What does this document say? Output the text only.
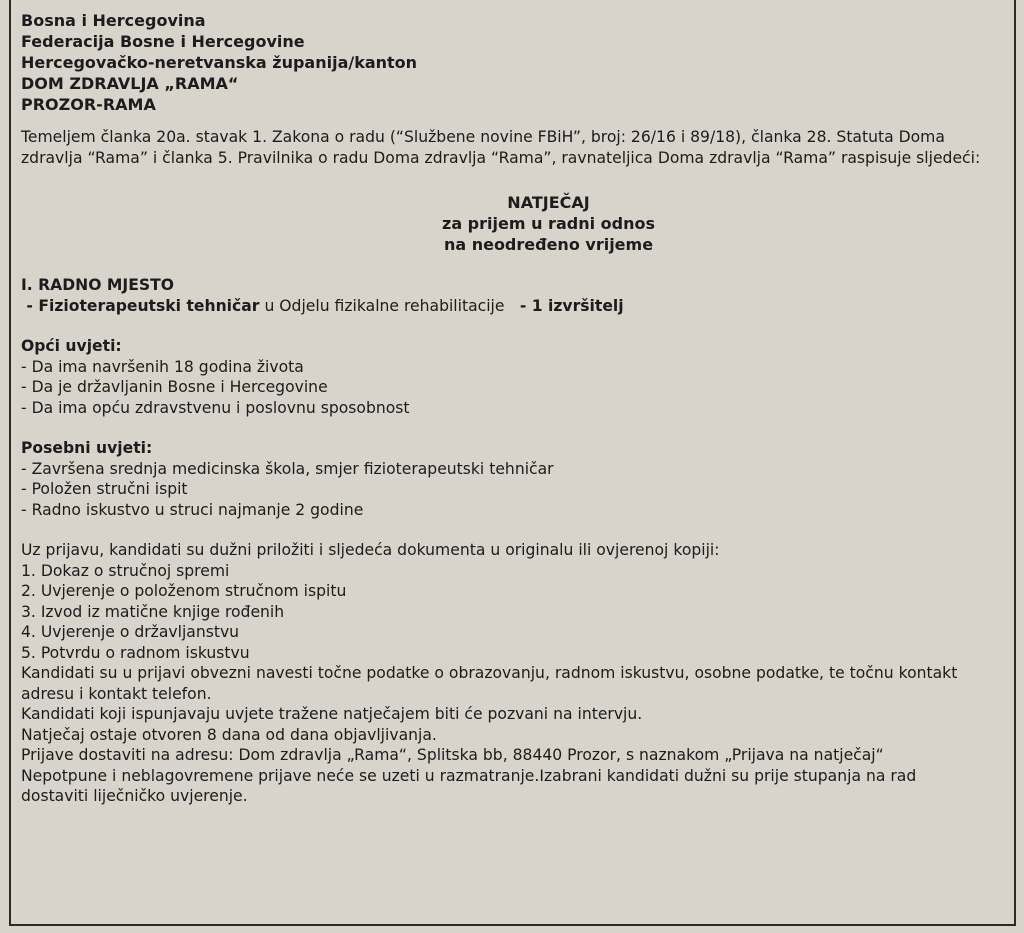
Bosna i Hercegovina
Federacija Bosne i Hercegovine
Hercegovačko-neretvanska županija/kanton
DOM ZDRAVLJA „RAMA“
PROZOR-RAMA
Temeljem članka 20a. stavak 1. Zakona o radu (“Službene novine FBiH”, broj: 26/16 i 89/18), članka 28. Statuta Doma zdravlja “Rama” i članka 5. Pravilnika o radu Doma zdravlja “Rama”, ravnateljica Doma zdravlja “Rama” raspisuje sljedeći:
NATJEČAJ
za prijem u radni odnos
na neodređeno vrijeme
I. RADNO MJESTO
- Fizioterapeutski tehničar u Odjelu fizikalne rehabilitacije   - 1 izvršitelj
Opći uvjeti:
- Da ima navršenih 18 godina života
- Da je državljanin Bosne i Hercegovine
- Da ima opću zdravstvenu i poslovnu sposobnost
Posebni uvjeti:
- Završena srednja medicinska škola, smjer fizioterapeutski tehničar
- Položen stručni ispit
- Radno iskustvo u struci najmanje 2 godine
Uz prijavu, kandidati su dužni priložiti i sljedeća dokumenta u originalu ili ovjerenoj kopiji:
1. Dokaz o stručnoj spremi
2. Uvjerenje o položenom stručnom ispitu
3. Izvod iz matične knjige rođenih
4. Uvjerenje o državljanstvu
5. Potvrdu o radnom iskustvu
Kandidati su u prijavi obvezni navesti točne podatke o obrazovanju, radnom iskustvu, osobne podatke, te točnu kontakt adresu i kontakt telefon.
Kandidati koji ispunjavaju uvjete tražene natječajem biti će pozvani na intervju.
Natječaj ostaje otvoren 8 dana od dana objavljivanja.
Prijave dostaviti na adresu: Dom zdravlja „Rama“, Splitska bb, 88440 Prozor, s naznakom „Prijava na natječaj“
Nepotpune i neblagovremene prijave neće se uzeti u razmatranje.Izabrani kandidati dužni su prije stupanja na rad dostaviti liječničko uvjerenje.
